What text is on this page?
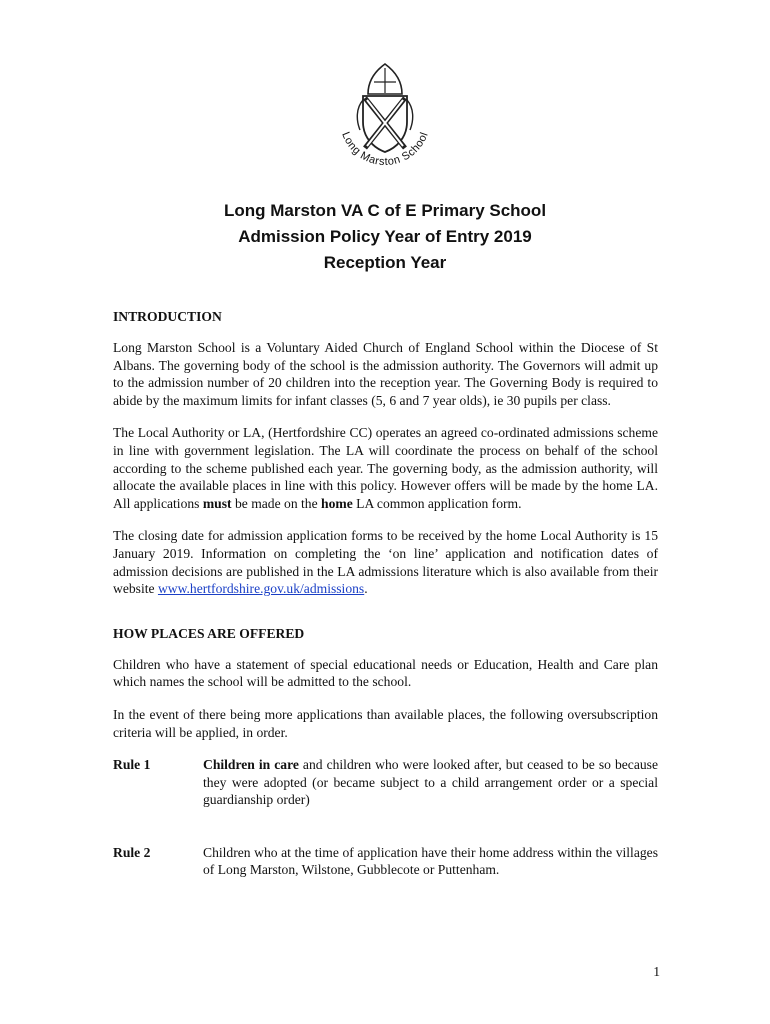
Long Marston School
Long Marston VA C of E Primary School
Admission Policy Year of Entry 2019
Reception Year
INTRODUCTION

Long Marston School is a Voluntary Aided Church of England School within the Diocese of St Albans. The governing body of the school is the admission authority. The Governors will admit up to the admission number of 20 children into the reception year. The Governing Body is required to abide by the maximum limits for infant classes (5, 6 and 7 year olds), ie 30 pupils per class.

The Local Authority or LA, (Hertfordshire CC) operates an agreed co-ordinated admissions scheme in line with government legislation. The LA will coordinate the process on behalf of the school according to the scheme published each year. The governing body, as the admission authority, will allocate the available places in line with this policy. However offers will be made by the home LA. All applications must be made on the home LA common application form.

The closing date for admission application forms to be received by the home Local Authority is 15 January 2019. Information on completing the ‘on line’ application and notification dates of admission decisions are published in the LA admissions literature which is also available from their website www.hertfordshire.gov.uk/admissions.

HOW PLACES ARE OFFERED

Children who have a statement of special educational needs or Education, Health and Care plan which names the school will be admitted to the school.

In the event of there being more applications than available places, the following oversubscription criteria will be applied, in order.

Rule 1	Children in care and children who were looked after, but ceased to be so because they were adopted (or became subject to a child arrangement order or a special guardianship order)
Rule 2	Children who at the time of application have their home address within the villages of Long Marston, Wilstone, Gubblecote or Puttenham.
1
